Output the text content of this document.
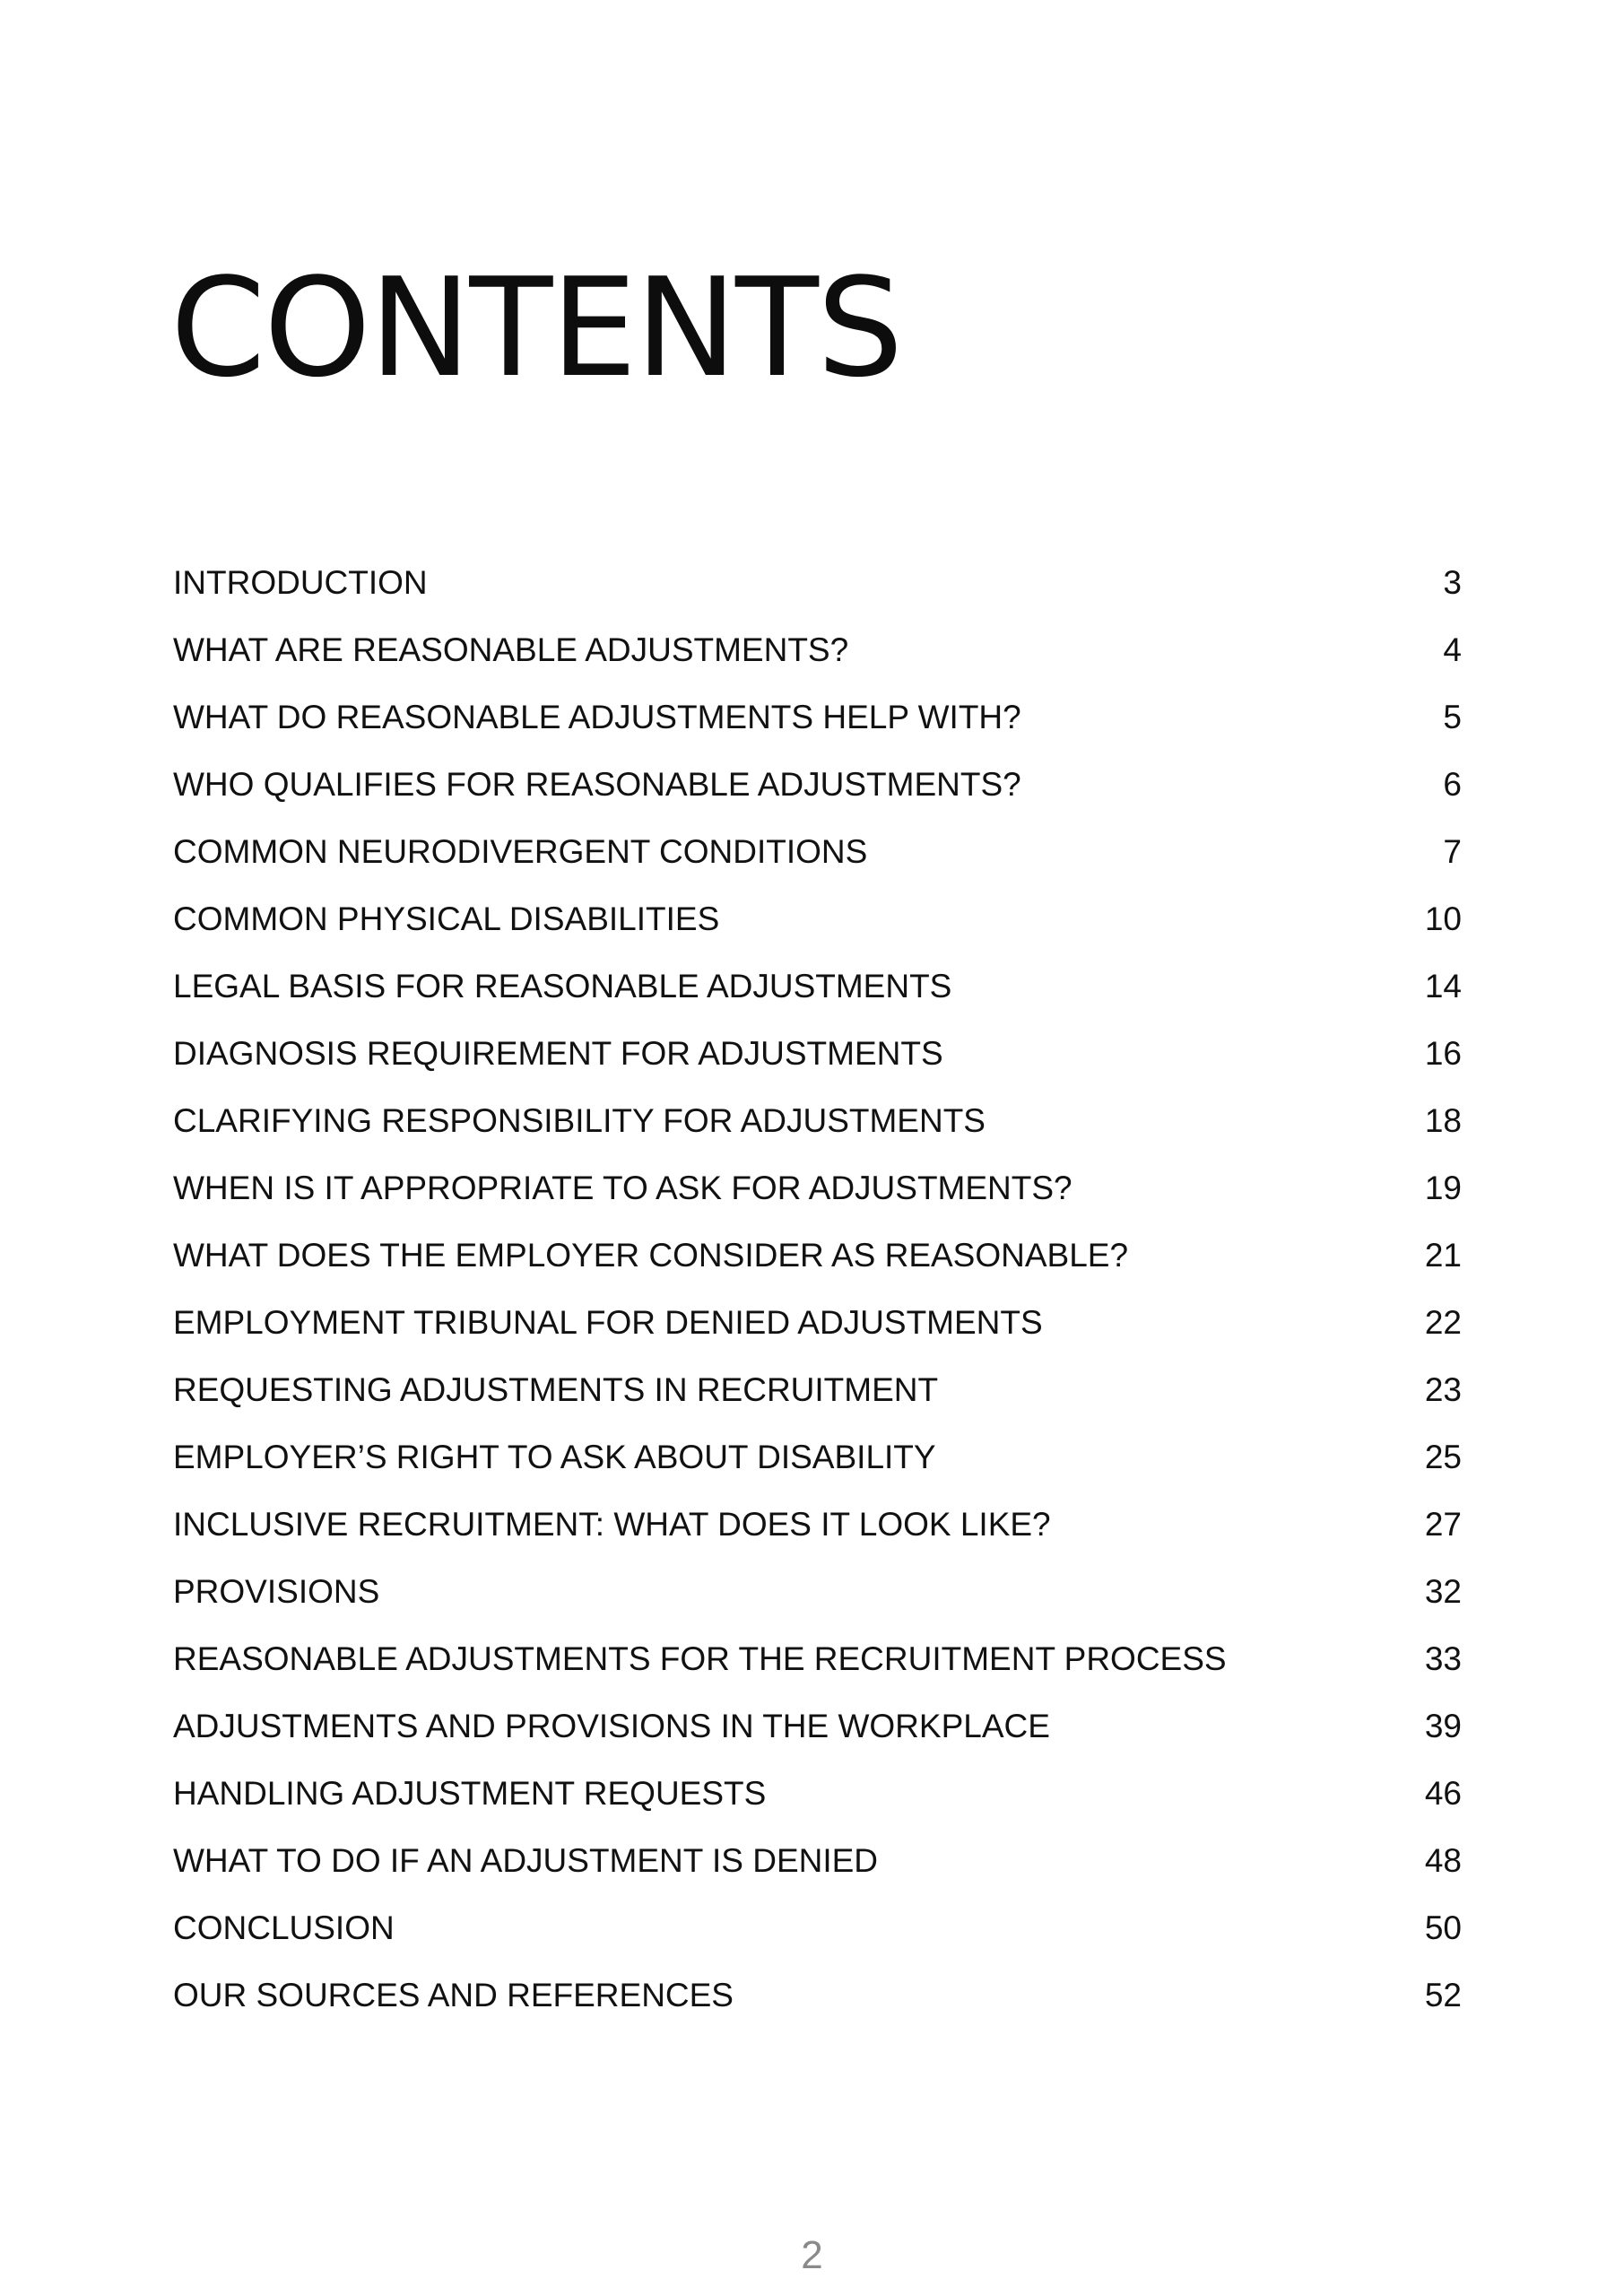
CONTENTS
INTRODUCTION	3
WHAT ARE REASONABLE ADJUSTMENTS?	4
WHAT DO REASONABLE ADJUSTMENTS HELP WITH?	5
WHO QUALIFIES FOR REASONABLE ADJUSTMENTS?	6
COMMON NEURODIVERGENT CONDITIONS	7
COMMON PHYSICAL DISABILITIES	10
LEGAL BASIS FOR REASONABLE ADJUSTMENTS	14
DIAGNOSIS REQUIREMENT FOR ADJUSTMENTS	16
CLARIFYING RESPONSIBILITY FOR ADJUSTMENTS	18
WHEN IS IT APPROPRIATE TO ASK FOR ADJUSTMENTS?	19
WHAT DOES THE EMPLOYER CONSIDER AS REASONABLE?	21
EMPLOYMENT TRIBUNAL FOR DENIED ADJUSTMENTS	22
REQUESTING ADJUSTMENTS IN RECRUITMENT	23
EMPLOYER’S RIGHT TO ASK ABOUT DISABILITY	25
INCLUSIVE RECRUITMENT: WHAT DOES IT LOOK LIKE?	27
PROVISIONS	32
REASONABLE ADJUSTMENTS FOR THE RECRUITMENT PROCESS	33
ADJUSTMENTS AND PROVISIONS IN THE WORKPLACE	39
HANDLING ADJUSTMENT REQUESTS	46
WHAT TO DO IF AN ADJUSTMENT IS DENIED	48
CONCLUSION	50
OUR SOURCES AND REFERENCES	52
2
